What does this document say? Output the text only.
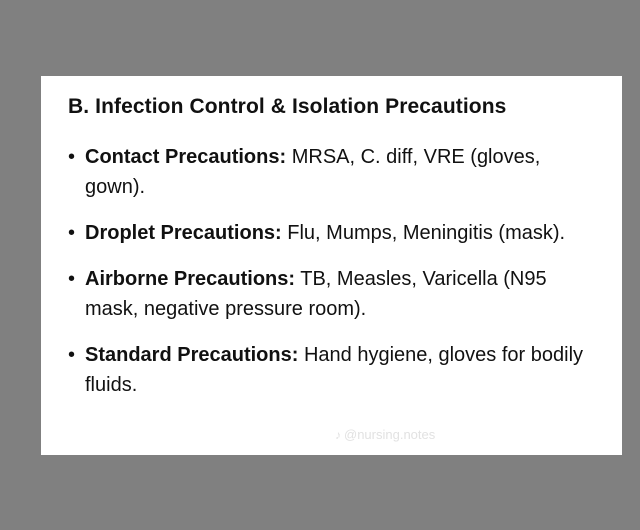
B. Infection Control & Isolation Precautions
• Contact Precautions: MRSA, C. diff, VRE (gloves, gown).
• Droplet Precautions: Flu, Mumps, Meningitis (mask).
• Airborne Precautions: TB, Measles, Varicella (N95 mask, negative pressure room).
• Standard Precautions: Hand hygiene, gloves for bodily fluids.
♪ @nursing.notes
